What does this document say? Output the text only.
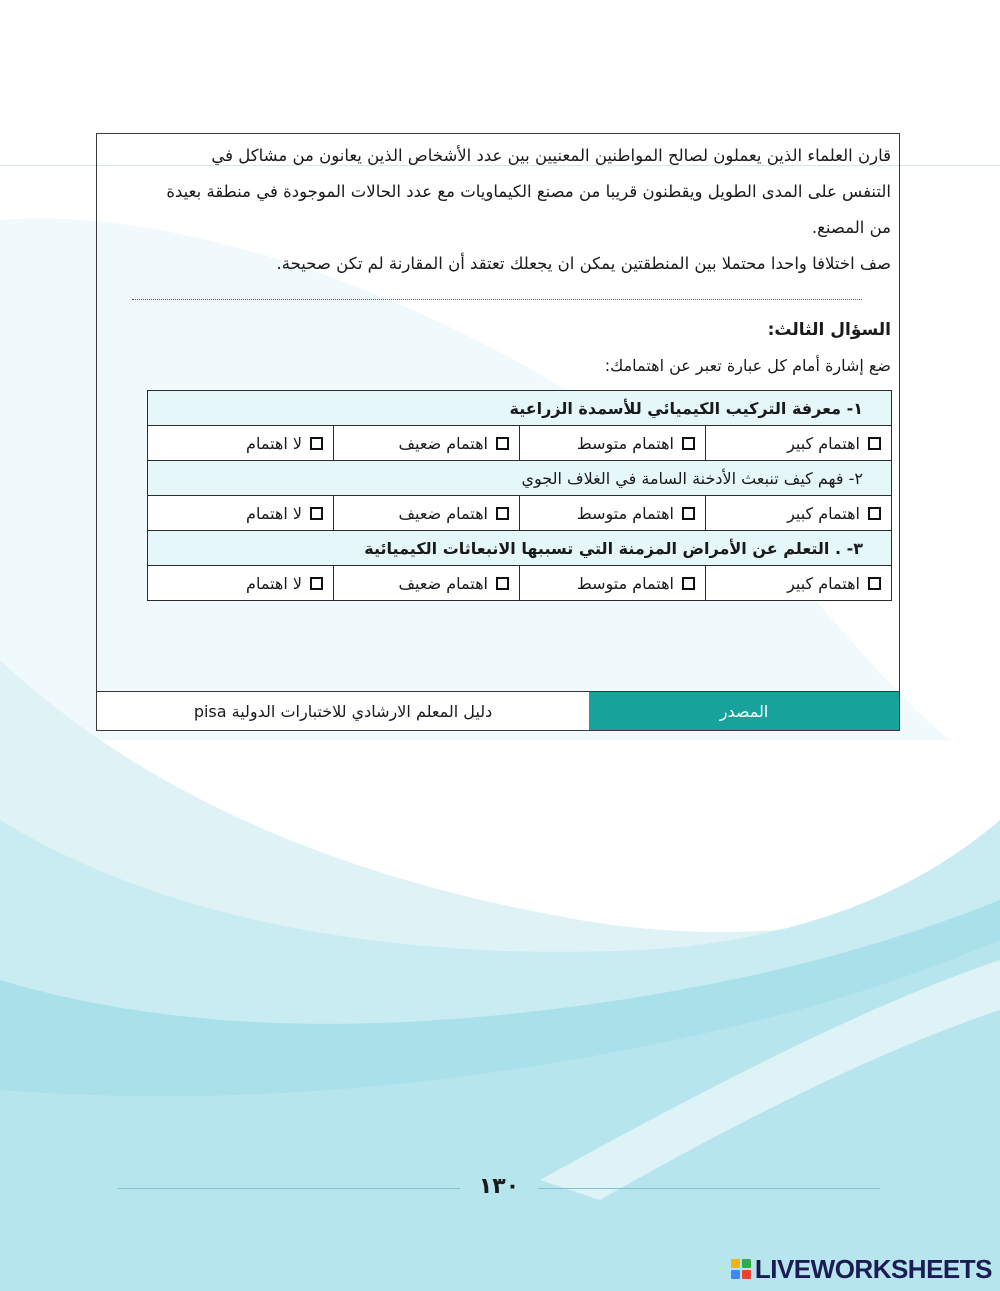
قارن العلماء الذين يعملون لصالح المواطنين المعنيين بين عدد الأشخاص الذين يعانون من مشاكل في
التنفس على المدى الطويل ويقطنون قريبا من مصنع الكيماويات مع عدد الحالات الموجودة في منطقة بعيدة
من المصنع.
صف اختلافا واحدا محتملا بين المنطقتين يمكن ان يجعلك تعتقد أن المقارنة لم تكن صحيحة.
السؤال الثالث:
ضع إشارة أمام كل عبارة تعبر عن اهتمامك:
١- معرفة التركيب الكيميائي للأسمدة الزراعية			
اهتمام كبير	اهتمام متوسط	اهتمام ضعيف	لا اهتمام
٢- فهم كيف تنبعث الأدخنة السامة في الغلاف الجوي			
اهتمام كبير	اهتمام متوسط	اهتمام ضعيف	لا اهتمام
٣- . التعلم عن الأمراض المزمنة التي تسببها الانبعاثات الكيميائية			
اهتمام كبير	اهتمام متوسط	اهتمام ضعيف	لا اهتمام
المصدر
دليل المعلم الارشادي للاختبارات الدولية pisa
١٣٠
LIVEWORKSHEETS
